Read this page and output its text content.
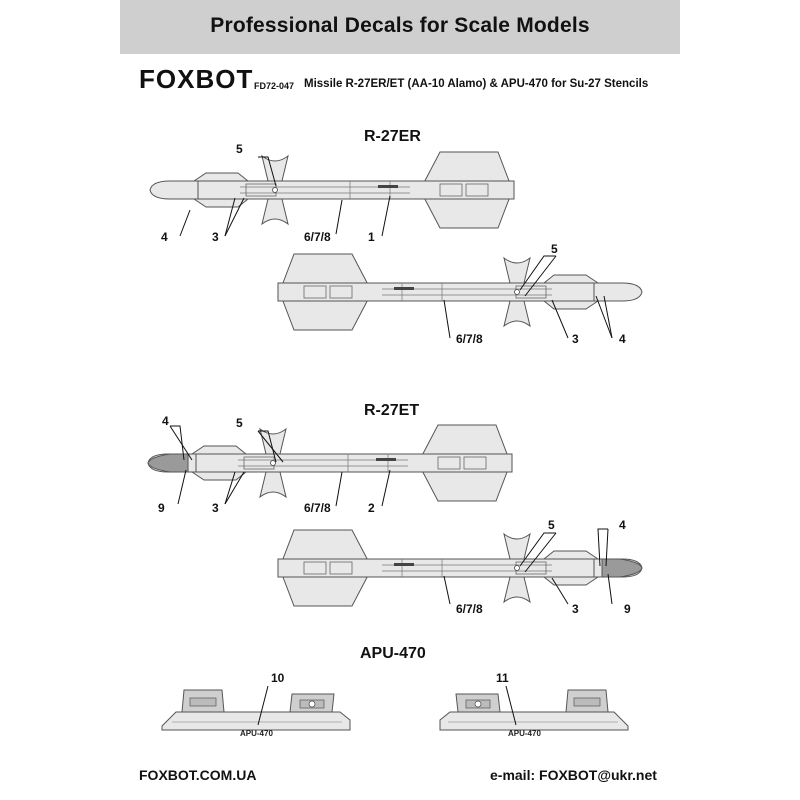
Professional Decals for Scale Models
FOXBOT FD72-047 Missile R-27ER/ET (AA-10 Alamo) & APU-470 for Su-27 Stencils
R-27ER
R-27ET
APU-470
APU-470	APU-470
5
4	3	6/7/8	1
5
6/7/8	3	4
4	5
9	3	6/7/8	2
5	4
6/7/8	3	9
10	11
FOXBOT.COM.UA	e-mail: FOXBOT@ukr.net
